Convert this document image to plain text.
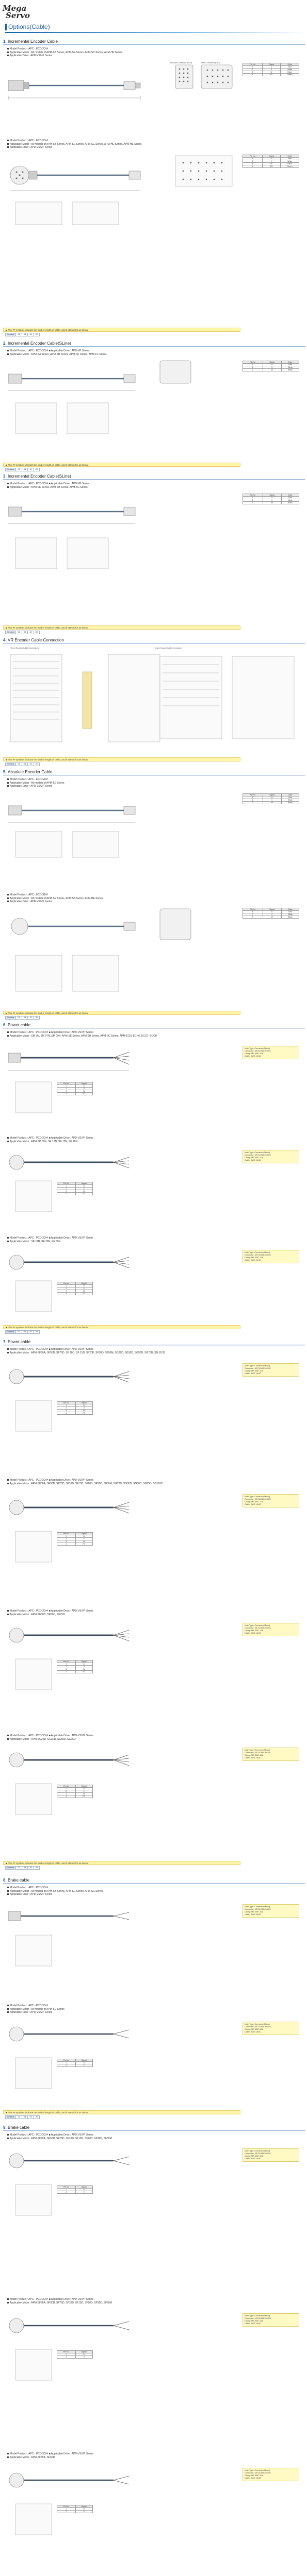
Mega
Servo
Options(Cable)
1. Incremental Encoder Cable
Model Product : APC - ECCCC##
Applicable Motor : All models of APM-SB Series, APM-SE Series, APM-SC Series, APM-HE Series
Applicable Drive : APD-VS/VP Series
Encoder Connector (ECN)	Drive Connector (CN2)
Pin No	Signal	Color
1	U	Red
2	V	White
3	W	Black
4	FG	Green
Model Product : APC - ECCCC##
Applicable Motor : All models of APM-SB Series, APM-SE Series, APM-SC Series, APM-HE Series, APM-HE Series
Applicable Drive : APD-VS/VP Series
Pin No	Signal	Color
1	U	Red
2	V	White
3	W	Black
4	FG	Green
▶ The ## symbols indicate the kind of length of cable, and it stands for as below :
Symbol	03	05	10	20
2. Incremental Encoder Cable(SLine)
Model Product : APC - ECCCC## ■ Applicable Drive : APD-VP Series
Applicable Motor : APM-SA Series, APM-SB Series, APM-SC Series, APM-FC Series
Pin No	Signal	Color
1	U	Red
2	V	White
3	W	Black
▶ The ## symbols indicate the kind of length of cable, and it stands for as below :
Symbol	03	05	10	20
3. Incremental Encoder Cable(SLine)
Model Product : APC - ECCCC## ■ Applicable Drive : APD-VP Series
Applicable Motor : APM-SE Series, APM-SB Series, APM-SC Series
Pin No	Signal	Color
1	U	Red
2	V	White
3	W	Black
▶ The ## symbols indicate the kind of length of cable, and it stands for as below :
Symbol	03	05	10	20
4. VR Encoder Cable Connection
Three-Encoder Cable Connections	Drive Encoder Cable Connection
▶ The ## symbols indicate the kind of length of cable, and it stands for as below :
Symbol	03	05	10	20
5. Absolute Encoder Cable
Model Product : APC - ECCCA##
Applicable Motor : All models of APM-SE Series
Applicable Drive : APD-VS/VP Series
Pin No	Signal	Color
1	U	Red
2	V	White
3	W	Black
Model Product : APC - ECCCB##
Applicable Motor : All models of APM-SE Series, APM-SB Series, APM-HE Series
Applicable Drive : APD-VS/VP Series
Pin No	Signal	Color
1	U	Red
2	V	White
3	W	Black
▶ The ## symbols indicate the kind of length of cable, and it stands for as below :
Symbol	03	05	10	20
6. Power cable
Model Product : APC - PCCCC## ■ Applicable Drive : APD-VS/VP Series
Applicable Motor : SM 5N, SM 07N, SM 09N, APM-SE Series, APM-SB Series, APM-SC Series, APM-ECN, ECN6, ECO7, ECO8
Pin No	Signal
1	U
2	V
3	W
4	FG
Note Type: Connector(Motor)
Connector: MS 3108B 20-15S
Clamp: MS 3057-12A
Cable: AWG 16/4C
Model Product : APC - PCCCC## ■ Applicable Drive : APD-VS/VP Series
Applicable Motor : APM-SD 09N, SE 10N, SE 15N, SE 20N
Pin No	Signal
1	U
2	V
3	W
4	FG
Note Type: Connector(Motor)
Connector: MS 3108B 20-15S
Clamp: MS 3057-12A
Cable: AWG 16/4C
Model Product : APC - PCCCC## ■ Applicable Drive : APD-VS/VP Series
Applicable Motor : SE 11N, SE 22N, SE 30N
Pin No	Signal
1	U
2	V
3	W
4	FG
Note Type: Connector(Motor)
Connector: MS 3108B 20-15S
Clamp: MS 3057-12A
Cable: AWG 16/4C
▶ The ## symbols indicate the kind of length of cable, and it stands for as below :
Symbol	03	05	10	20
7. Power cable
Model Product : APC - PCCCC## ■ Applicable Drive : APD-VS/VP Series
Applicable Motor : APM-SF30A, SF50D, SF75D, SF 10D, SF 15D, SF20D, SF30D, SF50M, SG22D, SG30D, SG50D, SG75D, SG 110D
Pin No	Signal
1	U
2	V
3	W
4	FG
Note Type: Connector(Motor)
Connector: MS 3108B 20-15S
Clamp: MS 3057-12A
Cable: AWG 16/4C
Model Product : APC - PCCCC## ■ Applicable Drive : APD-VS/VP Series
Applicable Motor : APM-SF30A, SF50D, SF75D, SF10D, SF15D, SF20D, SF30D, SF50M, SG22D, SG30D, SG50D, SG75D, SG110D
Pin No	Signal
1	U
2	V
3	W
4	FG
Note Type: Connector(Motor)
Connector: MS 3108B 20-15S
Clamp: MS 3057-12A
Cable: AWG 16/4C
Model Product : APC - PCCCC## ■ Applicable Drive : APD-VS/VP Series
Applicable Motor : APM-SE30D, SE50D, SE75D
Pin No	Signal
1	U
2	V
3	W
4	FG
Note Type: Connector(Motor)
Connector: MS 3108B 20-15S
Clamp: MS 3057-12A
Cable: AWG 16/4C
Model Product : APC - PCCCC## ■ Applicable Drive : APD-VS/VP Series
Applicable Motor : APM-SG22D, SG30D, SG50D, SG75D
Pin No	Signal
1	U
2	V
3	W
4	FG
Note Type: Connector(Motor)
Connector: MS 3108B 20-15S
Clamp: MS 3057-12A
Cable: AWG 16/4C
▶ The ## symbols indicate the kind of length of cable, and it stands for as below :
Symbol	03	05	10	20
8. Brake cable
Model Product : APC - PCCCC##
Applicable Motor : All models of APM-SB Series, APM-SE Series, APM-SC Series
Applicable Drive : APD-VS/VP Series
Note Type: Connector(Motor)
Connector: MS 3108B 20-15S
Clamp: MS 3057-12A
Cable: AWG 16/4C
Model Product : APC - PCCCC##
Applicable Motor : All models of APM-SC Series
Applicable Drive : APD-VS/VP Series
Pin No	Signal
1	U
2	V
Note Type: Connector(Motor)
Connector: MS 3108B 20-15S
Clamp: MS 3057-12A
Cable: AWG 16/4C
▶ The ## symbols indicate the kind of length of cable, and it stands for as below :
Symbol	03	05	10	20
9. Brake cable
Model Product : APC - PCCCC## ■ Applicable Drive : APD-VS/VP Series
Applicable Motor : APM-SF30A, SF50D, SF75D, SF10D, SF15D, SF20D, SF30D, SF50M
Pin No	Signal
1	U
2	V
Note Type: Connector(Motor)
Connector: MS 3108B 20-15S
Clamp: MS 3057-12A
Cable: AWG 16/4C
Model Product : APC - PCCCC## ■ Applicable Drive : APD-VS/VP Series
Applicable Motor : APM-SF30A, SF50D, SF75D, SF10D, SF15D, SF20D, SF30D, SF50M
Pin No	Signal
1	U
2	V
Note Type: Connector(Motor)
Connector: MS 3108B 20-15S
Clamp: MS 3057-12A
Cable: AWG 16/4C
Model Product : APC - PCCCC## ■ Applicable Drive : APD-VS/VP Series
Applicable Motor : APM-SF30A, SF50D
Pin No	Signal
1	U
2	V
Note Type: Connector(Motor)
Connector: MS 3108B 20-15S
Clamp: MS 3057-12A
Cable: AWG 16/4C
